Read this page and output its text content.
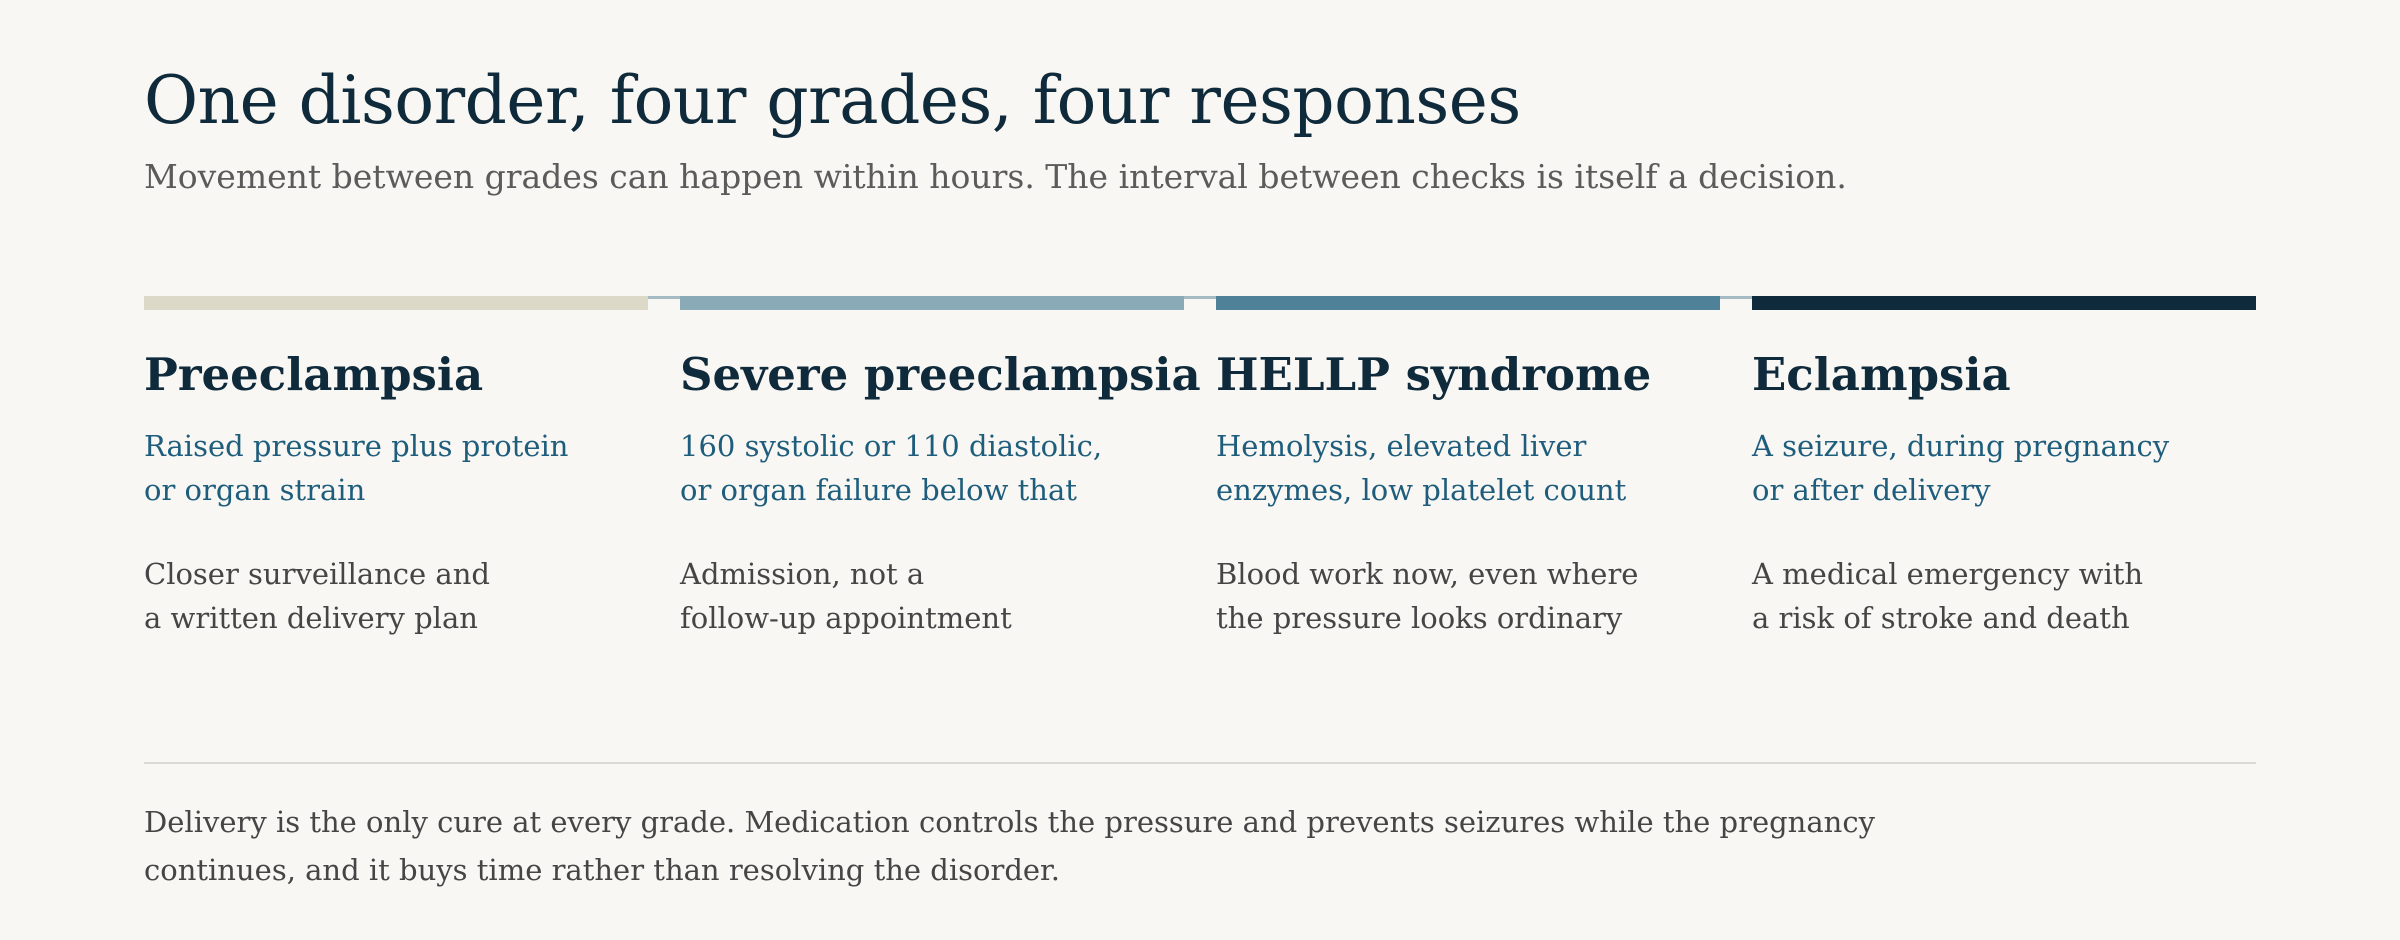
One disorder, four grades, four responses

Movement between grades can happen within hours. The interval between checks is itself a decision.

Preeclampsia

Raised pressure plus protein
or organ strain

Closer surveillance and
a written delivery plan

Severe preeclampsia

160 systolic or 110 diastolic,
or organ failure below that

Admission, not a
follow-up appointment

HELLP syndrome

Hemolysis, elevated liver
enzymes, low platelet count

Blood work now, even where
the pressure looks ordinary

Eclampsia

A seizure, during pregnancy
or after delivery

A medical emergency with
a risk of stroke and death

Delivery is the only cure at every grade. Medication controls the pressure and prevents seizures while the pregnancy
continues, and it buys time rather than resolving the disorder.
